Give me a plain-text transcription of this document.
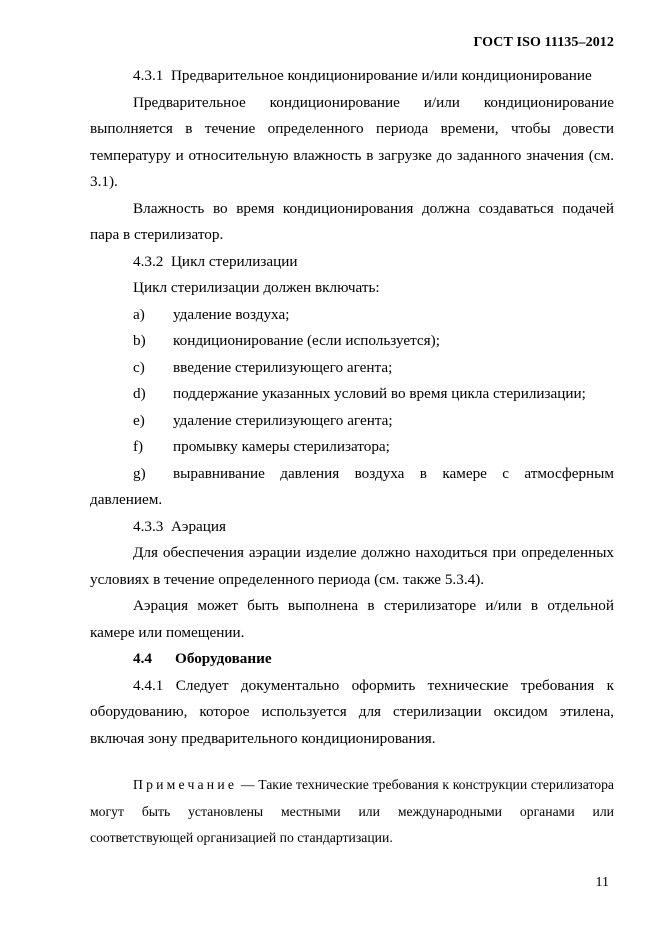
ГОСТ ISO 11135–2012

4.3.1 Предварительное кондиционирование и/или кондиционирование

Предварительное кондиционирование и/или кондиционирование выполняется в течение определенного периода времени, чтобы довести температуру и относительную влажность в загрузке до заданного значения (см. 3.1).

Влажность во время кондиционирования должна создаваться подачей пара в стерилизатор.

4.3.2 Цикл стерилизации

Цикл стерилизации должен включать:

a)	удаление воздуха;
b)	кондиционирование (если используется);
c)	введение стерилизующего агента;
d)	поддержание указанных условий во время цикла стерилизации;
e)	удаление стерилизующего агента;
f)	промывку камеры стерилизатора;
g) выравнивание давления воздуха в камере с атмосферным давлением.

4.3.3 Аэрация

Для обеспечения аэрации изделие должно находиться при определенных условиях в течение определенного периода (см. также 5.3.4).

Аэрация может быть выполнена в стерилизаторе и/или в отдельной камере или помещении.

4.4 Оборудование

4.4.1 Следует документально оформить технические требования к оборудованию, которое используется для стерилизации оксидом этилена, включая зону предварительного кондиционирования.

Примечание — Такие технические требования к конструкции стерилизатора могут быть установлены местными или международными органами или соответствующей организацией по стандартизации.

11
